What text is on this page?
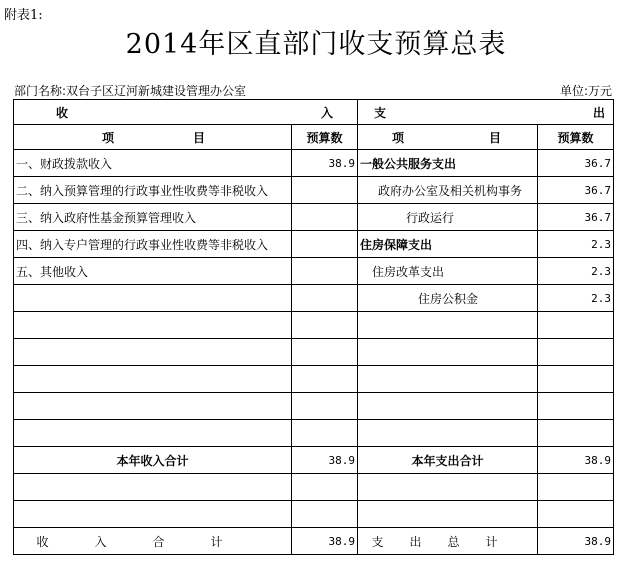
附表1:
2014年区直部门收支预算总表
部门名称:双台子区辽河新城建设管理办公室	单位:万元
收 入		支 出	

项 目	预算数	项 目	预算数
一、财政拨款收入	38.9	一般公共服务支出	36.7
二、纳入预算管理的行政事业性收费等非税收入		政府办公室及相关机构事务	36.7
三、纳入政府性基金预算管理收入		行政运行	36.7
四、纳入专户管理的行政事业性收费等非税收入		住房保障支出	2.3
五、其他收入		住房改革支出	2.3
		住房公积金	2.3

本年收入合计	38.9	本年支出合计	38.9

收入合计	38.9	支出总计	38.9
